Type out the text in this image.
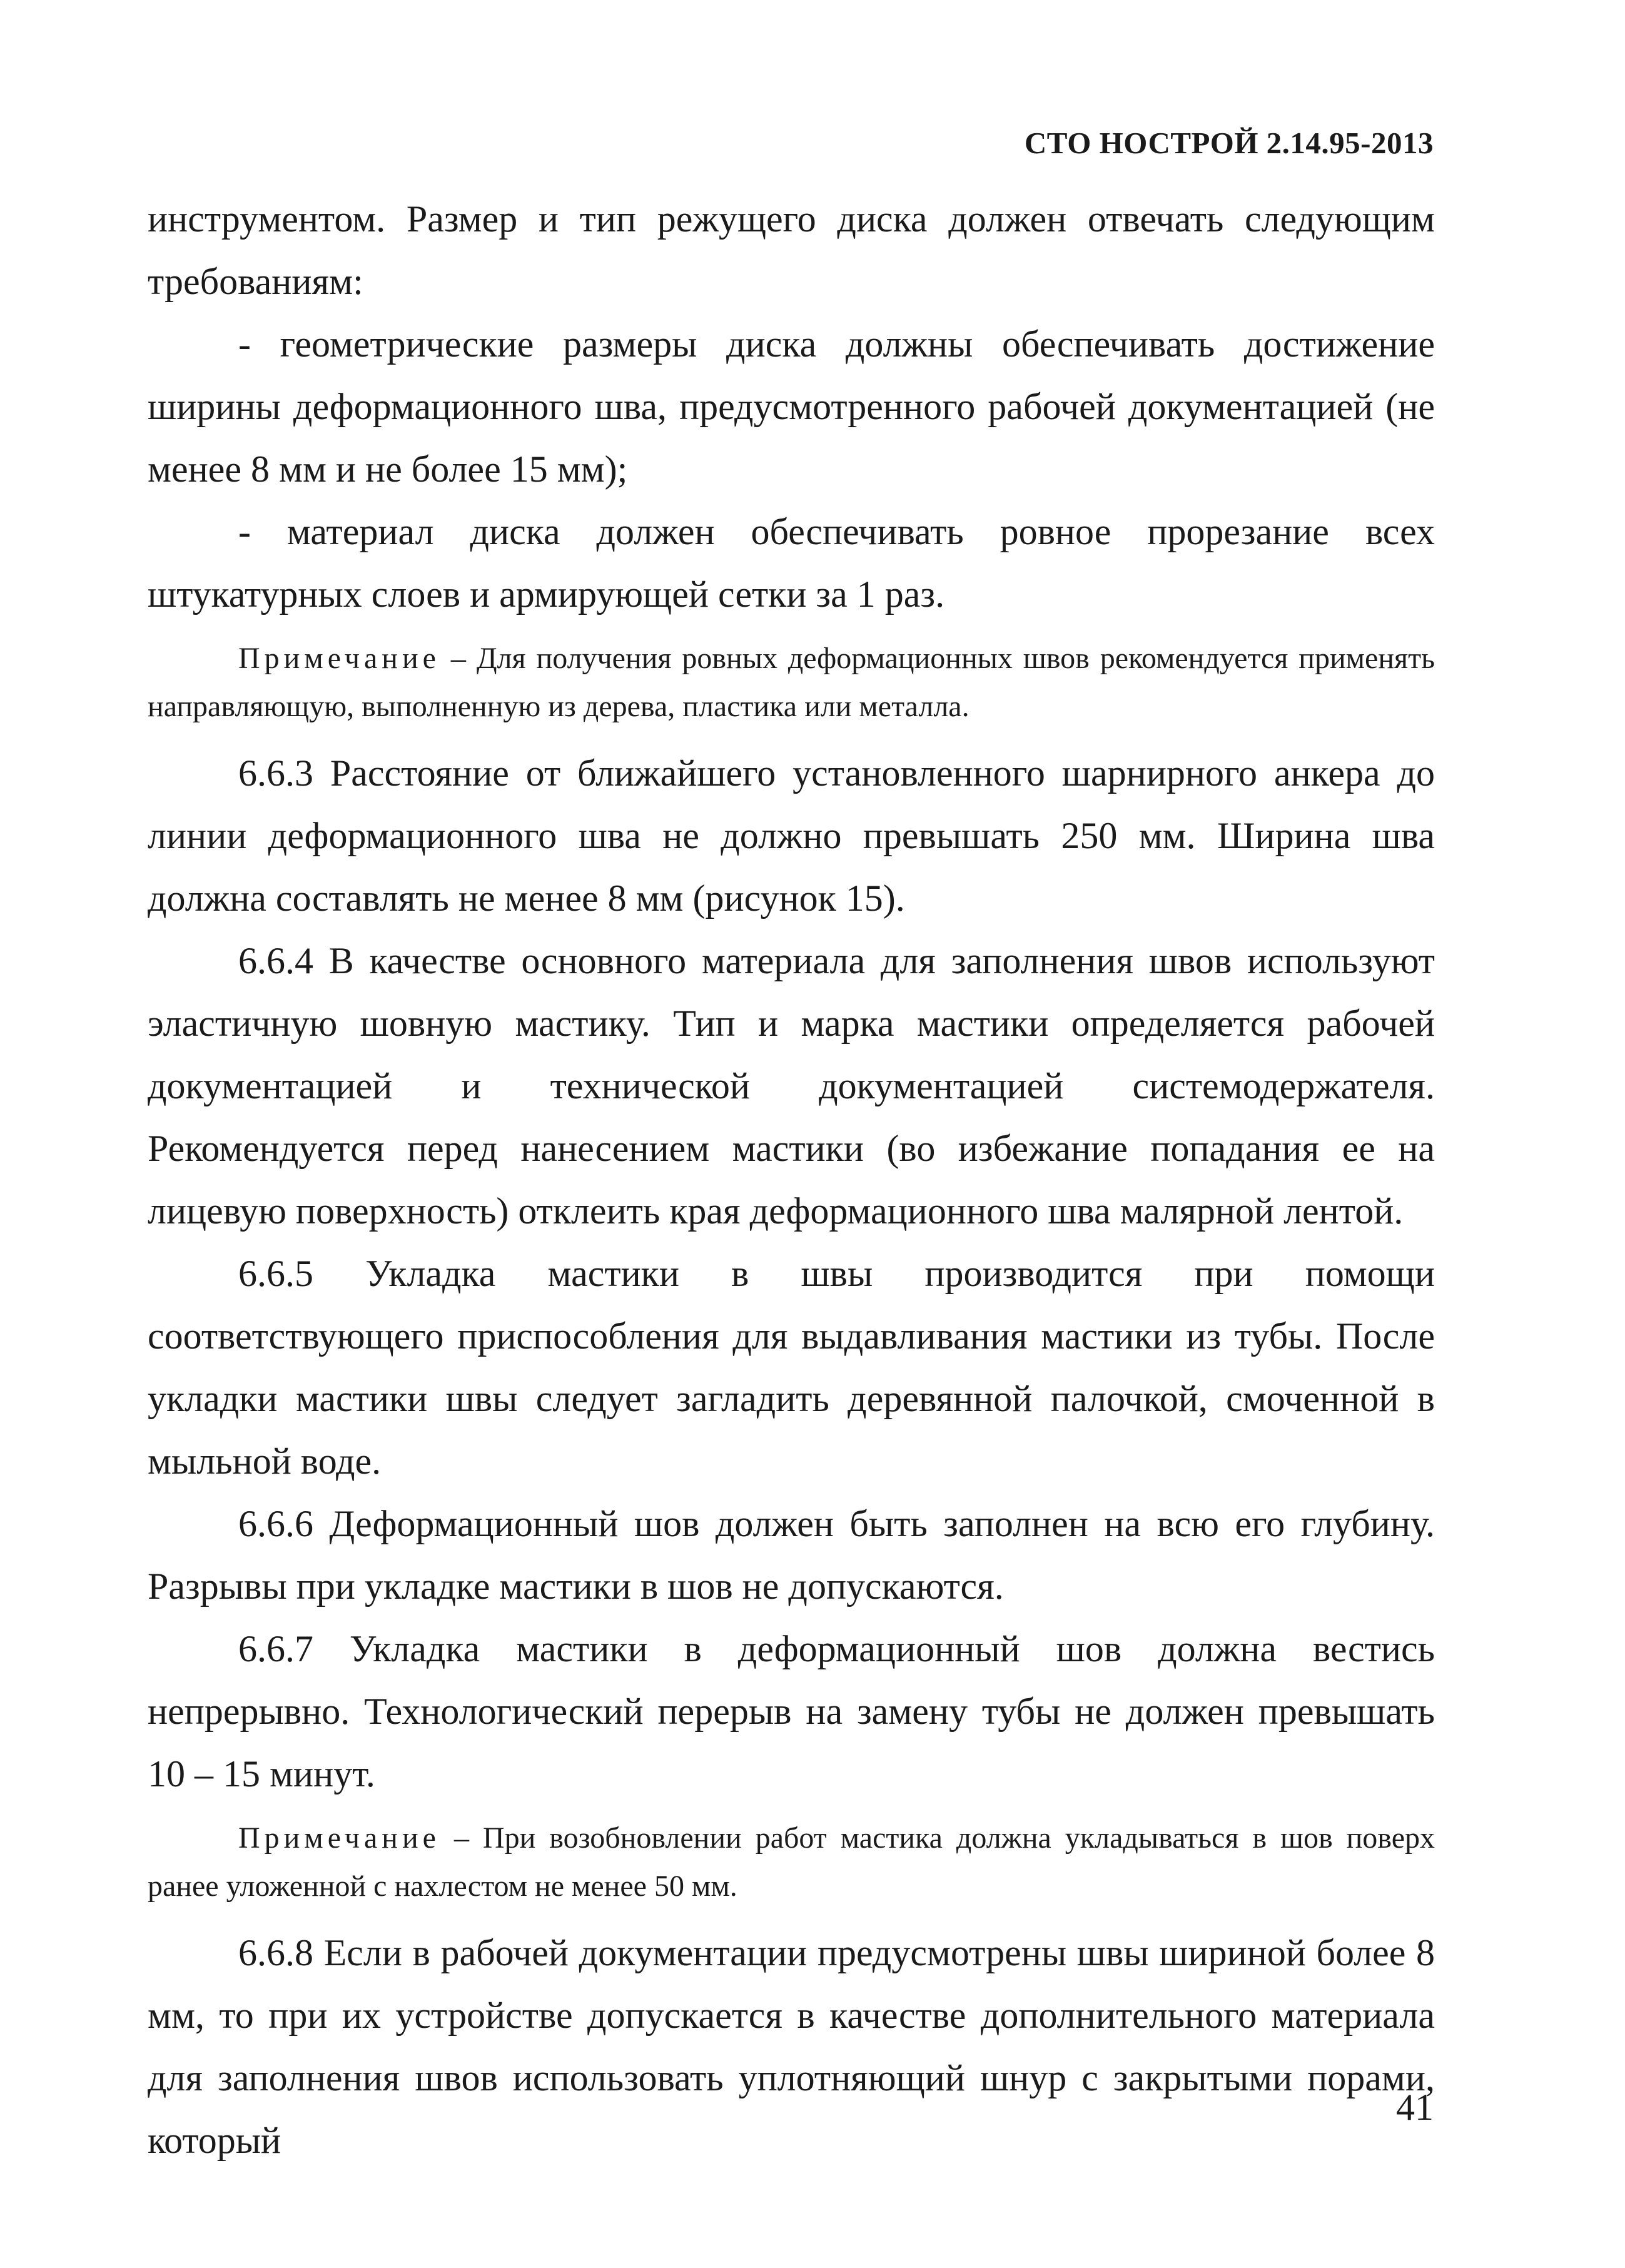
СТО НОСТРОЙ 2.14.95-2013

инструментом. Размер и тип режущего диска должен отвечать следующим требованиям:

- геометрические размеры диска должны обеспечивать достижение ширины деформационного шва, предусмотренного рабочей документацией (не менее 8 мм и не более 15 мм);

- материал диска должен обеспечивать ровное прорезание всех штукатурных слоев и армирующей сетки за 1 раз.

Примечание – Для получения ровных деформационных швов рекомендуется применять направляющую, выполненную из дерева, пластика или металла.

6.6.3 Расстояние от ближайшего установленного шарнирного анкера до линии деформационного шва не должно превышать 250 мм. Ширина шва должна составлять не менее 8 мм (рисунок 15).

6.6.4 В качестве основного материала для заполнения швов используют эластичную шовную мастику. Тип и марка мастики определяется рабочей документацией и технической документацией системодержателя. Рекомендуется перед нанесением мастики (во избежание попадания ее на лицевую поверхность) отклеить края деформационного шва малярной лентой.

6.6.5 Укладка мастики в швы производится при помощи соответствующего приспособления для выдавливания мастики из тубы. После укладки мастики швы следует загладить деревянной палочкой, смоченной в мыльной воде.

6.6.6 Деформационный шов должен быть заполнен на всю его глубину. Разрывы при укладке мастики в шов не допускаются.

6.6.7 Укладка мастики в деформационный шов должна вестись непрерывно. Технологический перерыв на замену тубы не должен превышать 10 – 15 минут.

Примечание – При возобновлении работ мастика должна укладываться в шов поверх ранее уложенной с нахлестом не менее 50 мм.

6.6.8 Если в рабочей документации предусмотрены швы шириной более 8 мм, то при их устройстве допускается в качестве дополнительного материала для заполнения швов использовать уплотняющий шнур с закрытыми порами, который

41
